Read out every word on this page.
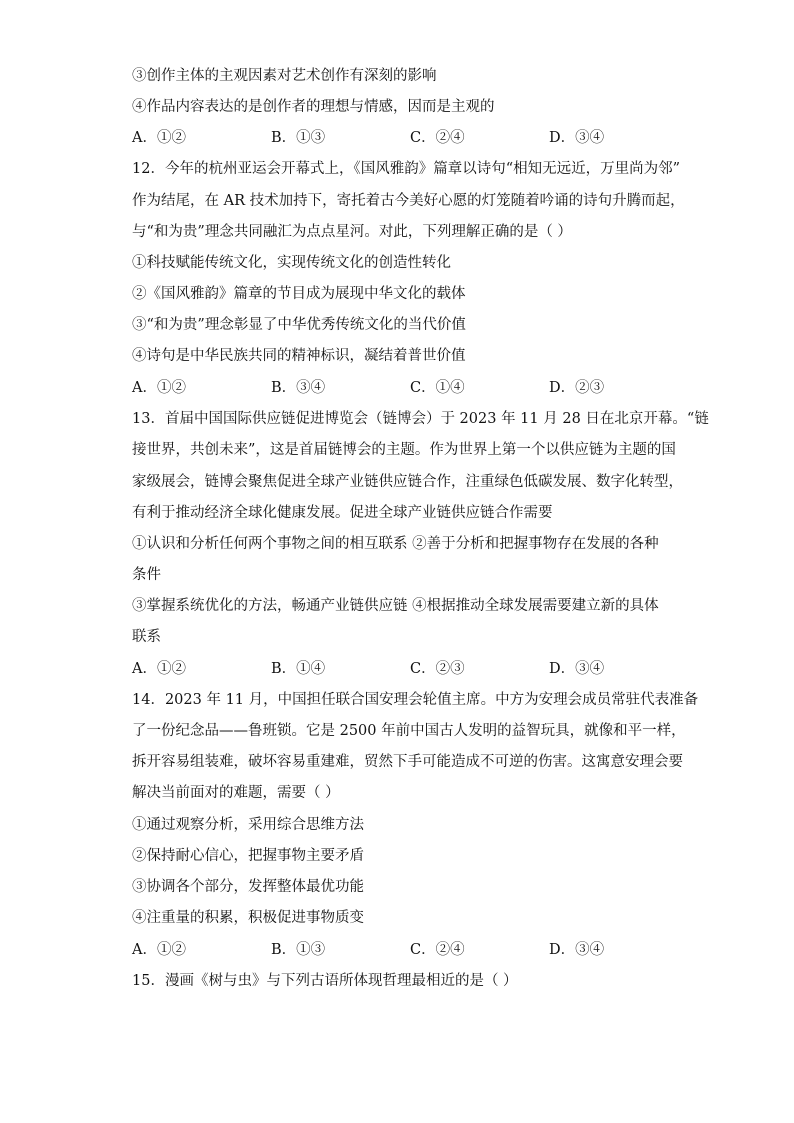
③创作主体的主观因素对艺术创作有深刻的影响
④作品内容表达的是创作者的理想与情感，因而是主观的
A．①②	B．①③	C．②④	D．③④
12．今年的杭州亚运会开幕式上，《国风雅韵》篇章以诗句“相知无远近，万里尚为邻”
作为结尾，在 AR 技术加持下，寄托着古今美好心愿的灯笼随着吟诵的诗句升腾而起，
与“和为贵”理念共同融汇为点点星河。对此，下列理解正确的是（ ）
①科技赋能传统文化，实现传统文化的创造性转化
②《国风雅韵》篇章的节目成为展现中华文化的载体
③“和为贵”理念彰显了中华优秀传统文化的当代价值
④诗句是中华民族共同的精神标识，凝结着普世价值
A．①②	B．③④	C．①④	D．②③
13．首届中国国际供应链促进博览会（链博会）于 2023 年 11 月 28 日在北京开幕。“链
接世界，共创未来”，这是首届链博会的主题。作为世界上第一个以供应链为主题的国
家级展会，链博会聚焦促进全球产业链供应链合作，注重绿色低碳发展、数字化转型，
有利于推动经济全球化健康发展。促进全球产业链供应链合作需要
①认识和分析任何两个事物之间的相互联系 ②善于分析和把握事物存在发展的各种
条件
③掌握系统优化的方法，畅通产业链供应链 ④根据推动全球发展需要建立新的具体
联系
A．①②	B．①④	C．②③	D．③④
14．2023 年 11 月，中国担任联合国安理会轮值主席。中方为安理会成员常驻代表准备
了一份纪念品——鲁班锁。它是 2500 年前中国古人发明的益智玩具，就像和平一样，
拆开容易组装难，破坏容易重建难，贸然下手可能造成不可逆的伤害。这寓意安理会要
解决当前面对的难题，需要（ ）
①通过观察分析，采用综合思维方法
②保持耐心信心，把握事物主要矛盾
③协调各个部分，发挥整体最优功能
④注重量的积累，积极促进事物质变
A．①②	B．①③	C．②④	D．③④
15．漫画《树与虫》与下列古语所体现哲理最相近的是（ ）
